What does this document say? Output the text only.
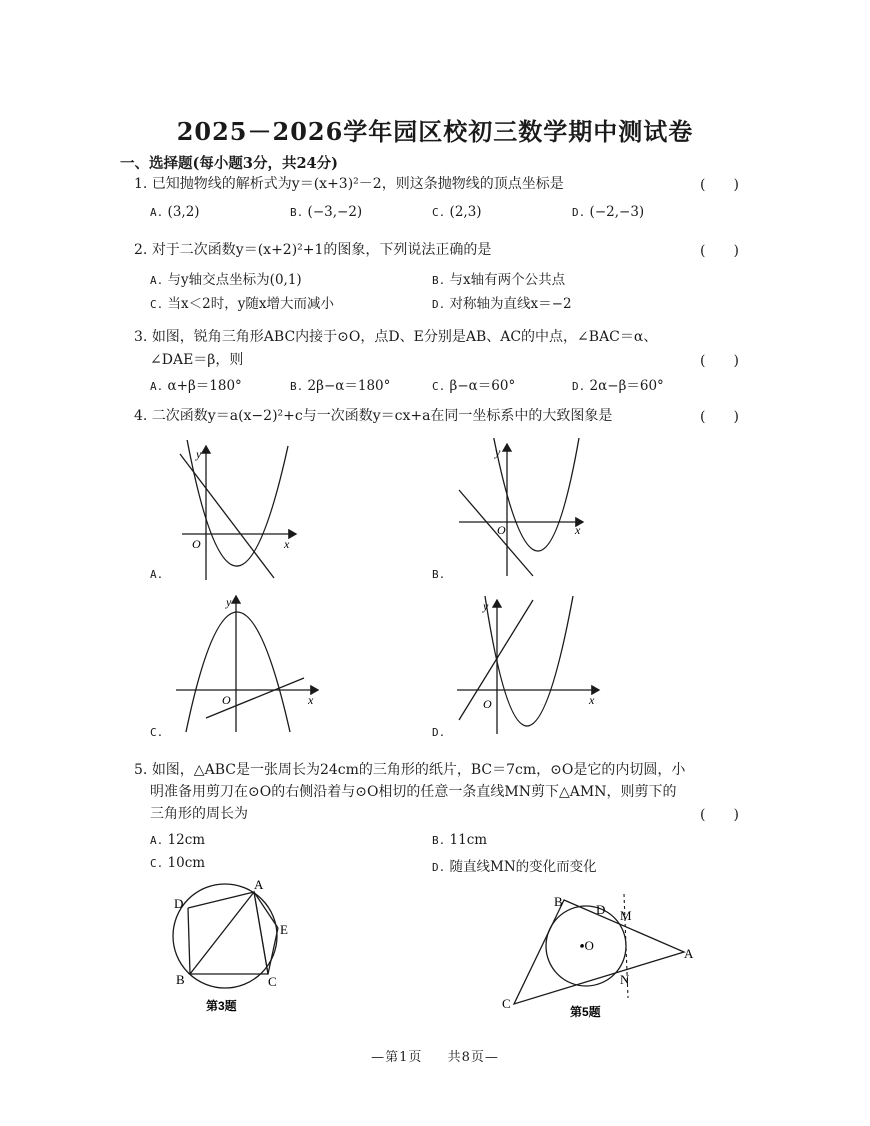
2025－2026学年园区校初三数学期中测试卷
一、选择题(每小题3分，共24分)
1. 已知抛物线的解析式为y＝(x+3)²－2，则这条抛物线的顶点坐标是	(　　)
A. (3,2)	B. (−3,−2)	C. (2,3)	D. (−2,−3)
2. 对于二次函数y＝(x+2)²+1的图象，下列说法正确的是	(　　)
A. 与y轴交点坐标为(0,1)	B. 与x轴有两个公共点
C. 当x＜2时，y随x增大而减小	D. 对称轴为直线x＝−2
3. 如图，锐角三角形ABC内接于⊙O，点D、E分别是AB、AC的中点，∠BAC＝α、
∠DAE＝β，则	(　　)
A. α+β＝180°	B. 2β−α＝180°	C. β−α＝60°	D. 2α−β＝60°
4. 二次函数y＝a(x−2)²+c与一次函数y＝cx+a在同一坐标系中的大致图象是	(　　)
A.
y
x
O
B.
y
x
O
C.
y
x
O
D.
y
x
O
5. 如图，△ABC是一张周长为24cm的三角形的纸片，BC＝7cm，⊙O是它的内切圆，小
明准备用剪刀在⊙O的右侧沿着与⊙O相切的任意一条直线MN剪下△AMN，则剪下的
三角形的周长为	(　　)
A. 12cm	B. 11cm
C. 10cm	D. 随直线MN的变化而变化
A
D
E
B	C
第3题
B
D M
•O
A
N
C
第5题
—第1页 共8页—
